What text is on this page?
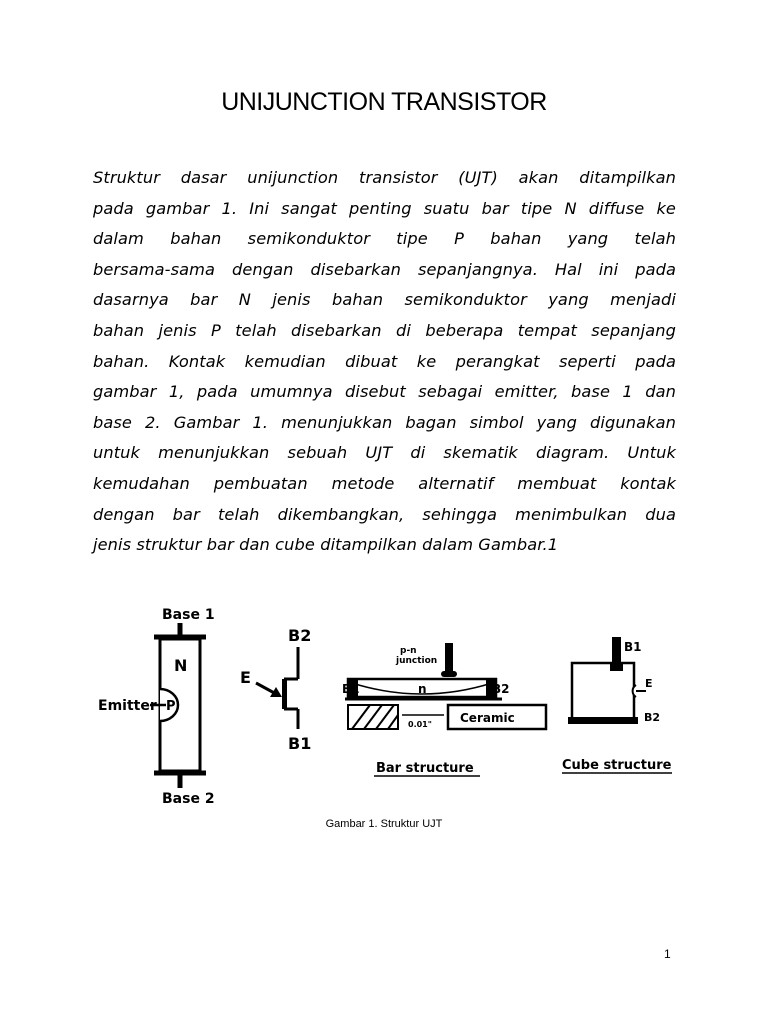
UNIJUNCTION TRANSISTOR

Struktur dasar unijunction transistor (UJT) akan ditampilkan
pada gambar 1. Ini sangat penting suatu bar tipe N diffuse ke
dalam bahan semikonduktor tipe P bahan yang telah
bersama-sama dengan disebarkan sepanjangnya. Hal ini pada
dasarnya bar N jenis bahan semikonduktor yang menjadi
bahan jenis P telah disebarkan di beberapa tempat sepanjang
bahan. Kontak kemudian dibuat ke perangkat seperti pada
gambar 1, pada umumnya disebut sebagai emitter, base 1 dan
base 2. Gambar 1. menunjukkan bagan simbol yang digunakan
untuk menunjukkan sebuah UJT di skematik diagram. Untuk
kemudahan pembuatan metode alternatif membuat kontak
dengan bar telah dikembangkan, sehingga menimbulkan dua
jenis struktur bar dan cube ditampilkan dalam Gambar.1

Base 1
N
P
Emitter
Base 2
B2
B1
E
p-n
junction
n
B1	B2
Ceramic
0.01"
Bar structure
B1
E
B2
Cube structure
Gambar 1. Struktur UJT
1
